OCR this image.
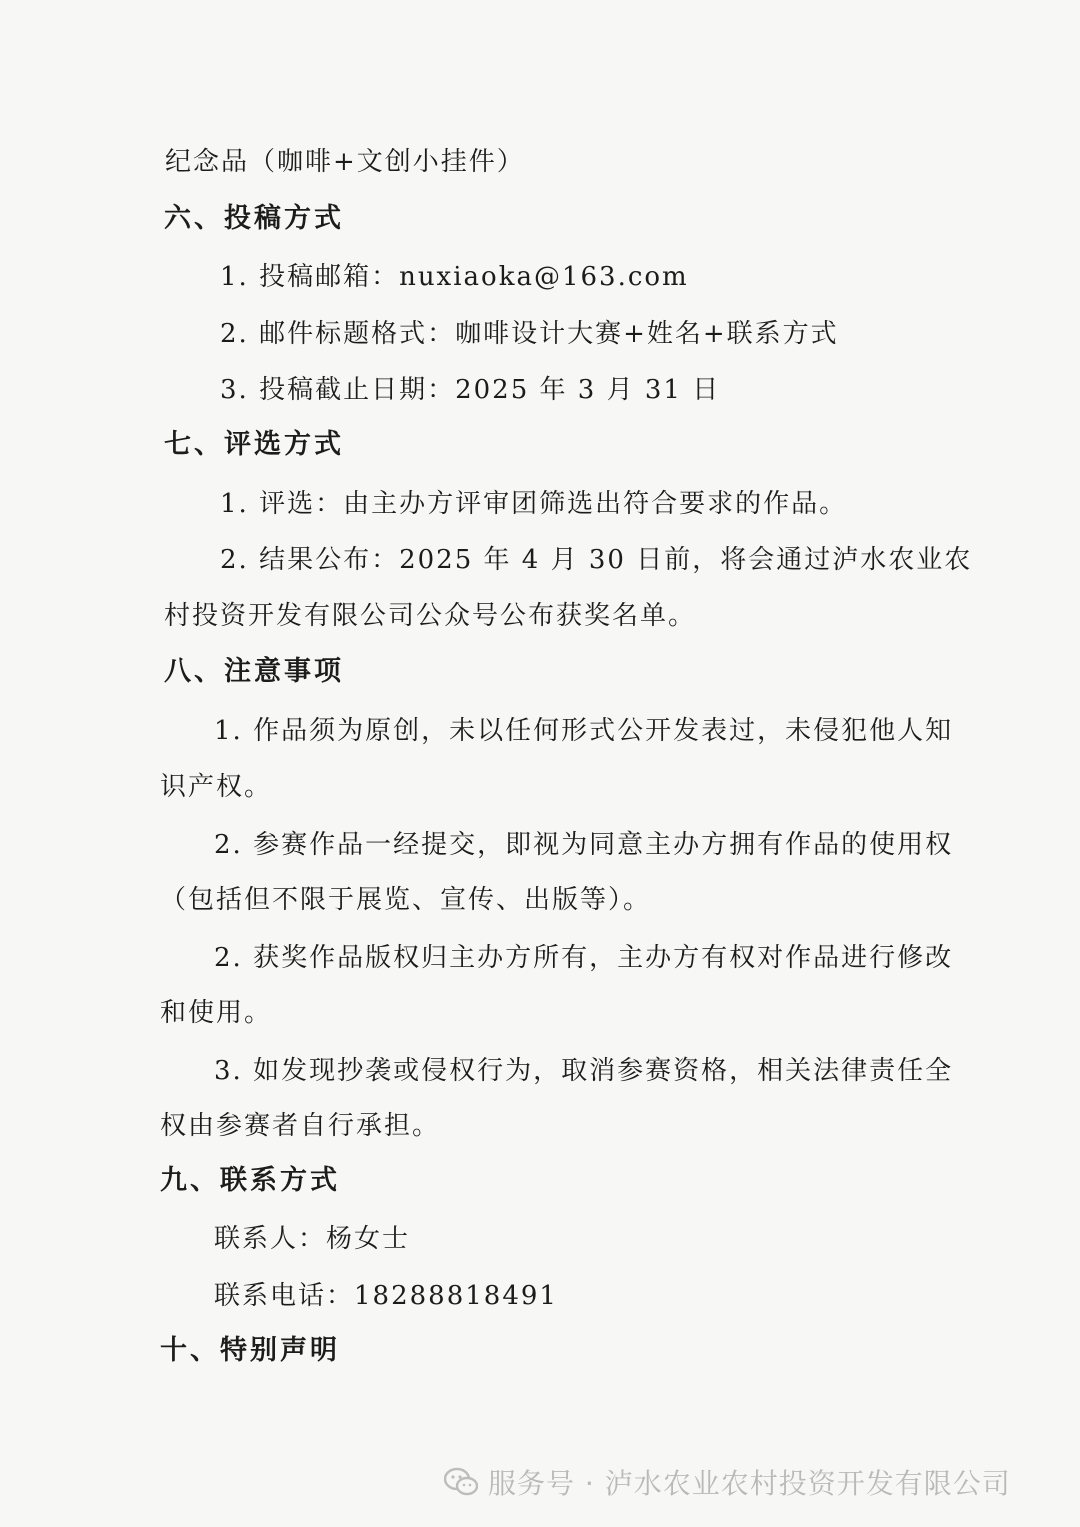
纪念品（咖啡+文创小挂件）
六、投稿方式
1. 投稿邮箱：nuxiaoka@163.com
2. 邮件标题格式：咖啡设计大赛+姓名+联系方式
3. 投稿截止日期：2025 年 3 月 31 日
七、评选方式
1. 评选：由主办方评审团筛选出符合要求的作品。
2. 结果公布：2025 年 4 月 30 日前，将会通过泸水农业农
村投资开发有限公司公众号公布获奖名单。
八、注意事项
1. 作品须为原创，未以任何形式公开发表过，未侵犯他人知
识产权。
2. 参赛作品一经提交，即视为同意主办方拥有作品的使用权
（包括但不限于展览、宣传、出版等）。
2. 获奖作品版权归主办方所有，主办方有权对作品进行修改
和使用。
3. 如发现抄袭或侵权行为，取消参赛资格，相关法律责任全
权由参赛者自行承担。
九、联系方式
联系人：杨女士
联系电话：18288818491
十、特别声明
服务号 · 泸水农业农村投资开发有限公司
